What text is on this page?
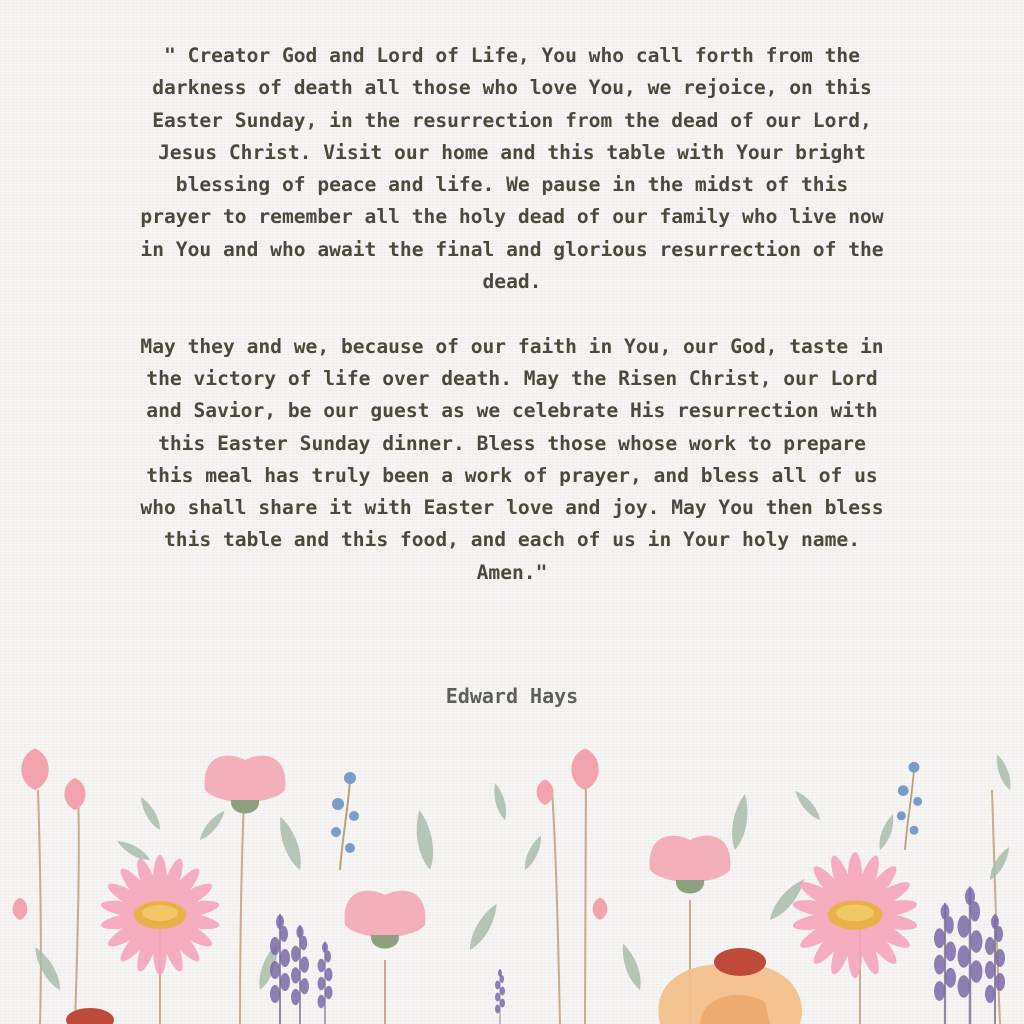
" Creator God and Lord of Life, You who call forth from the darkness of death all those who love You, we rejoice, on this Easter Sunday, in the resurrection from the dead of our Lord, Jesus Christ. Visit our home and this table with Your bright blessing of peace and life. We pause in the midst of this prayer to remember all the holy dead of our family who live now in You and who await the final and glorious resurrection of the dead.

May they and we, because of our faith in You, our God, taste in the victory of life over death. May the Risen Christ, our Lord and Savior, be our guest as we celebrate His resurrection with this Easter Sunday dinner. Bless those whose work to prepare this meal has truly been a work of prayer, and bless all of us who shall share it with Easter love and joy. May You then bless this table and this food, and each of us in Your holy name. Amen."

Edward Hays
